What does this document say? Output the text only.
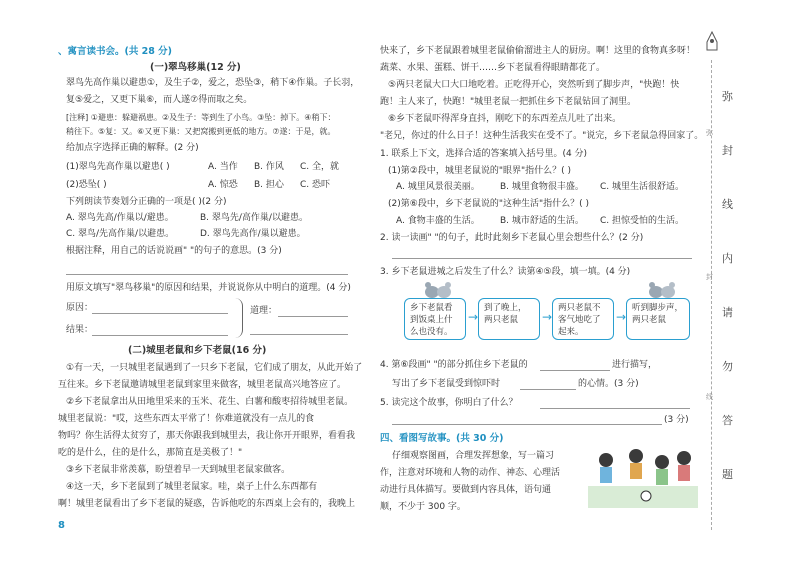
、寓言读书会。(共 28 分)
(一)翠鸟移巢(12 分)
翠鸟先高作巢以避患①，及生子②，爱之，恐坠③，稍下④作巢。子长羽，
复⑤爱之，又更下巢⑥，而人遂⑦得而取之矣。
[注释] ①避患：躲避祸患。②及生子：等到生了小鸟。③坠：掉下。④稍下：
稍往下。⑤复：又。⑥又更下巢：又把窝搬到更低的地方。⑦遂：于是，就。
给加点字选择正确的解释。(2 分)
(1)翠鸟先高作巢以避患( )	A. 当作 B. 作风 C. 全，就
(2)恐坠( )	A. 惊恐 B. 担心 C. 恐吓
下列朗读节奏划分正确的一项是( )(2 分)
A. 翠鸟先高/作巢以/避患。	B. 翠鸟先/高作巢/以避患。
C. 翠鸟/先高作巢/以避患。	D. 翠鸟先高作/巢以避患。
根据注释，用自己的话说说画" "的句子的意思。(3 分)
用原文填写"翠鸟移巢"的原因和结果，并说说你从中明白的道理。(4 分)
原因：
结果：
道理：
(二)城里老鼠和乡下老鼠(16 分)
①有一天，一只城里老鼠遇到了一只乡下老鼠，它们成了朋友，从此开始了
互往来。乡下老鼠邀请城里老鼠到家里来做客，城里老鼠高兴地答应了。
②乡下老鼠拿出从田地里采来的玉米、花生、白薯和酸枣招待城里老鼠。
城里老鼠说："哎，这些东西太平常了！你难道就没有一点儿的食
物吗？你生活得太贫穷了，那天你跟我到城里去，我让你开开眼界，看看我
吃的是什么，住的是什么，那简直是美极了！"
③乡下老鼠非常羡慕，盼望着早一天到城里老鼠家做客。
④这一天，乡下老鼠到了城里老鼠家。哇，桌子上什么东西都有
啊！城里老鼠看出了乡下老鼠的疑惑，告诉他吃的东西桌上会有的，我晚上
8
快来了，乡下老鼠跟着城里老鼠偷偷溜进主人的厨房。啊！这里的食物真多呀！
蔬菜、水果、蛋糕、饼干……乡下老鼠看得眼睛都花了。
⑤两只老鼠大口大口地吃着。正吃得开心，突然听到了脚步声，"快跑！快
跑！主人来了，快跑！"城里老鼠一把抓住乡下老鼠钻回了洞里。
⑥乡下老鼠吓得浑身直抖，刚吃下的东西差点儿吐了出来。
"老兄，你过的什么日子！这种生活我实在受不了。"说完，乡下老鼠急得回家了。
1. 联系上下文，选择合适的答案填入括号里。(4 分)
(1)第②段中，城里老鼠说的"眼界"指什么？( )
A. 城里风景很美丽。 B. 城里食物很丰盛。 C. 城里生活很舒适。
(2)第⑥段中，乡下老鼠说的"这种生活"指什么？( )
A. 食物丰盛的生活。 B. 城市舒适的生活。 C. 担惊受怕的生活。
2. 读一读画" "的句子，此时此刻乡下老鼠心里会想些什么？(2 分)
3. 乡下老鼠进城之后发生了什么？读第④⑤段，填一填。(4 分)
乡下老鼠看到饭桌上什么也没有。
→
到了晚上，两只老鼠	→
两只老鼠不客气地吃了起来。
→
听到脚步声，两只老鼠
4. 第⑥段画" "的部分抓住乡下老鼠的	进行描写，
写出了乡下老鼠受到惊吓时	的心情。(3 分)
5. 读完这个故事，你明白了什么？
(3 分)
四、看图写故事。(共 30 分)
仔细观察图画，合理发挥想象，写一篇习
作，注意对环境和人物的动作、神态、心理活
动进行具体描写。要做到内容具体，语句通
顺，不少于 300 字。
弥
封
线
内
请
勿
答
题
弥
封
线
